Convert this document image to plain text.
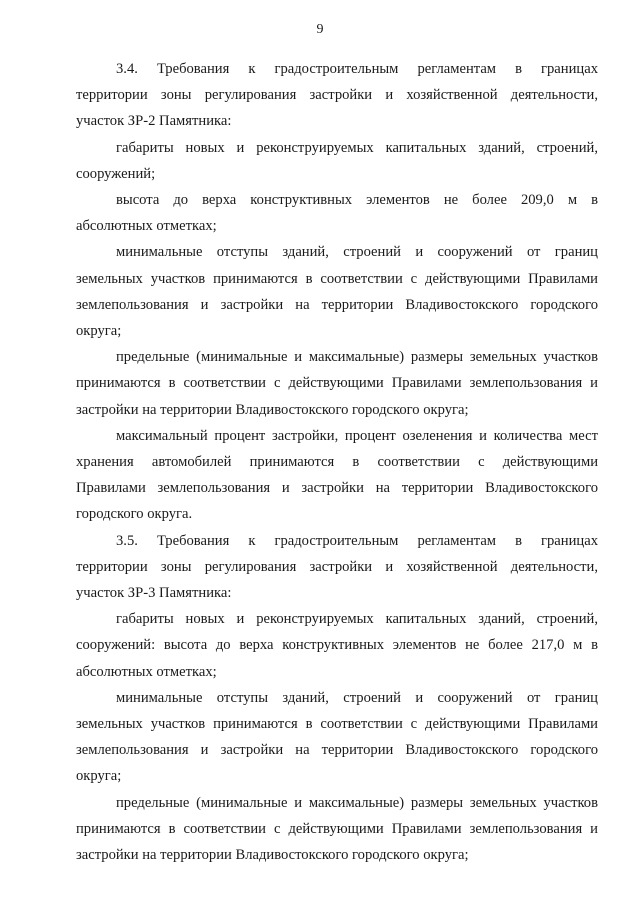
9
3.4. Требования к градостроительным регламентам в границах
территории зоны регулирования застройки и хозяйственной деятельности,
участок ЗР-2 Памятника:
габариты новых и реконструируемых капитальных зданий, строений,
сооружений;
высота до верха конструктивных элементов не более 209,0 м в
абсолютных отметках;
минимальные отступы зданий, строений и сооружений от границ
земельных участков принимаются в соответствии с действующими Правилами
землепользования и застройки на территории Владивостокского городского
округа;
предельные (минимальные и максимальные) размеры земельных участков
принимаются в соответствии с действующими Правилами землепользования и
застройки на территории Владивостокского городского округа;
максимальный процент застройки, процент озеленения и количества мест
хранения автомобилей принимаются в соответствии с действующими
Правилами землепользования и застройки на территории Владивостокского
городского округа.
3.5. Требования к градостроительным регламентам в границах
территории зоны регулирования застройки и хозяйственной деятельности,
участок ЗР-3 Памятника:
габариты новых и реконструируемых капитальных зданий, строений,
сооружений: высота до верха конструктивных элементов не более 217,0 м в
абсолютных отметках;
минимальные отступы зданий, строений и сооружений от границ
земельных участков принимаются в соответствии с действующими Правилами
землепользования и застройки на территории Владивостокского городского
округа;
предельные (минимальные и максимальные) размеры земельных участков
принимаются в соответствии с действующими Правилами землепользования и
застройки на территории Владивостокского городского округа;
